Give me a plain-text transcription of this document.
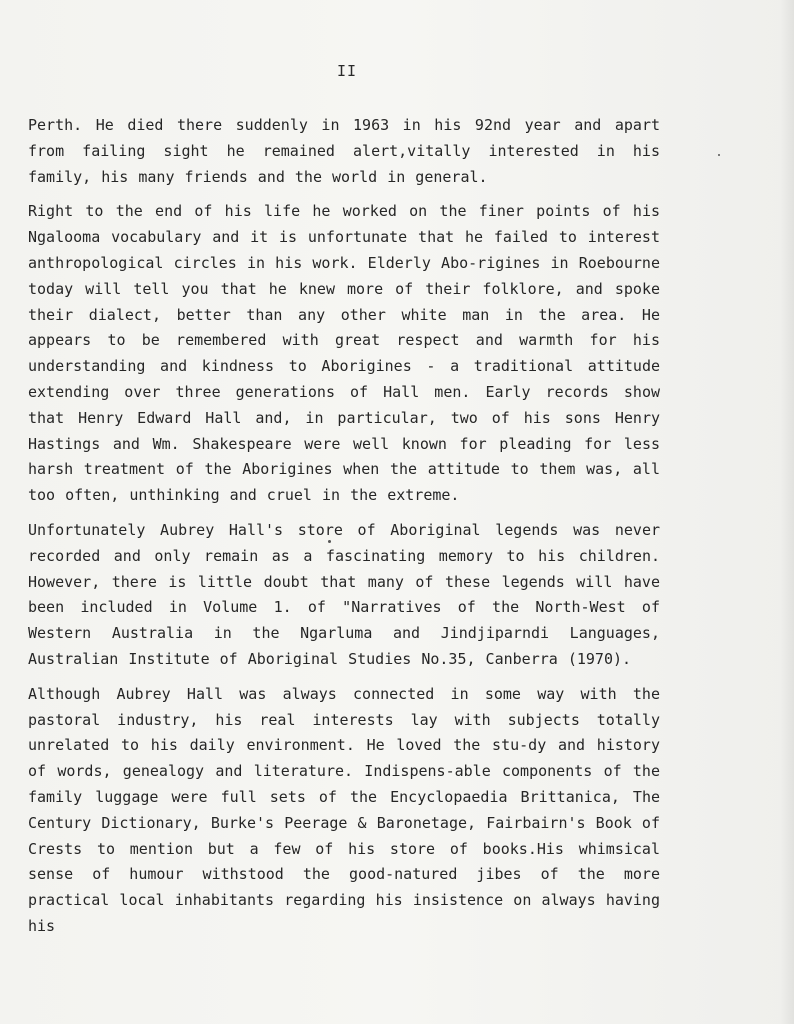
II

Perth. He died there suddenly in 1963 in his 92nd year and apart from failing sight he remained alert,vitally interested in his family, his many friends and the world in general.

Right to the end of his life he worked on the finer points of his Ngalooma vocabulary and it is unfortunate that he failed to interest anthropological circles in his work. Elderly Abo-rigines in Roebourne today will tell you that he knew more of their folklore, and spoke their dialect, better than any other white man in the area. He appears to be remembered with great respect and warmth for his understanding and kindness to Aborigines - a traditional attitude extending over three generations of Hall men. Early records show that Henry Edward Hall and, in particular, two of his sons Henry Hastings and Wm. Shakespeare were well known for pleading for less harsh treatment of the Aborigines when the attitude to them was, all too often, unthinking and cruel in the extreme.

Unfortunately Aubrey Hall's store of Aboriginal legends was never recorded and only remain as a fascinating memory to his children. However, there is little doubt that many of these legends will have been included in Volume 1. of "Narratives of the North-West of Western Australia in the Ngarluma and Jindjiparndi Languages, Australian Institute of Aboriginal Studies No.35, Canberra (1970).

Although Aubrey Hall was always connected in some way with the pastoral industry, his real interests lay with subjects totally unrelated to his daily environment. He loved the stu-dy and history of words, genealogy and literature. Indispens-able components of the family luggage were full sets of the Encyclopaedia Brittanica, The Century Dictionary, Burke's Peerage & Baronetage, Fairbairn's Book of Crests to mention but a few of his store of books.His whimsical sense of humour withstood the good-natured jibes of the more practical local inhabitants regarding his insistence on always having his
